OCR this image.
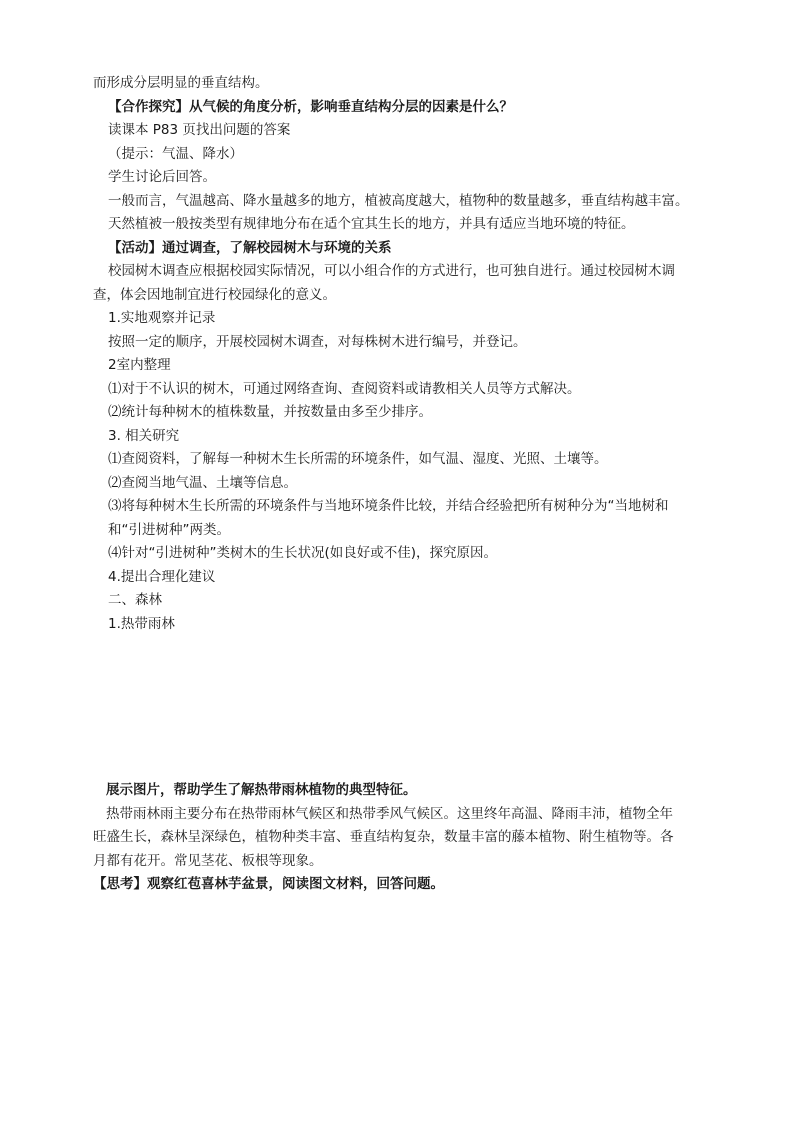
而形成分层明显的垂直结构。
【合作探究】从气候的角度分析，影响垂直结构分层的因素是什么？
读课本 P83 页找出问题的答案
（提示：气温、降水）
学生讨论后回答。
一般而言，气温越高、降水量越多的地方，植被高度越大，植物种的数量越多，垂直结构越丰富。
天然植被一般按类型有规律地分布在适个宜其生长的地方，并具有适应当地环境的特征。
【活动】通过调查，了解校园树木与环境的关系
校园树木调查应根据校园实际情况，可以小组合作的方式进行，也可独自进行。通过校园树木调
查，体会因地制宜进行校园绿化的意义。
1.实地观察并记录
按照一定的顺序，开展校园树木调查，对每株树木进行编号，并登记。
2室内整理
⑴对于不认识的树木，可通过网络查询、查阅资料或请教相关人员等方式解决。
⑵统计每种树木的植株数量，并按数量由多至少排序。
3. 相关研究
⑴查阅资料，了解每一种树木生长所需的环境条件，如气温、湿度、光照、土壤等。
⑵查阅当地气温、土壤等信息。
⑶将每种树木生长所需的环境条件与当地环境条件比较，并结合经验把所有树种分为“当地树和
和“引进树种”两类。
⑷针对“引进树种”类树木的生长状况(如良好或不佳)，探究原因。
4.提出合理化建议
二、森林
1.热带雨林
展示图片，帮助学生了解热带雨林植物的典型特征。
热带雨林雨主要分布在热带雨林气候区和热带季风气候区。这里终年高温、降雨丰沛，植物全年
旺盛生长，森林呈深绿色，植物种类丰富、垂直结构复杂，数量丰富的藤本植物、附生植物等。各
月都有花开。常见茎花、板根等现象。
【思考】观察红苞喜林芋盆景，阅读图文材料，回答问题。
